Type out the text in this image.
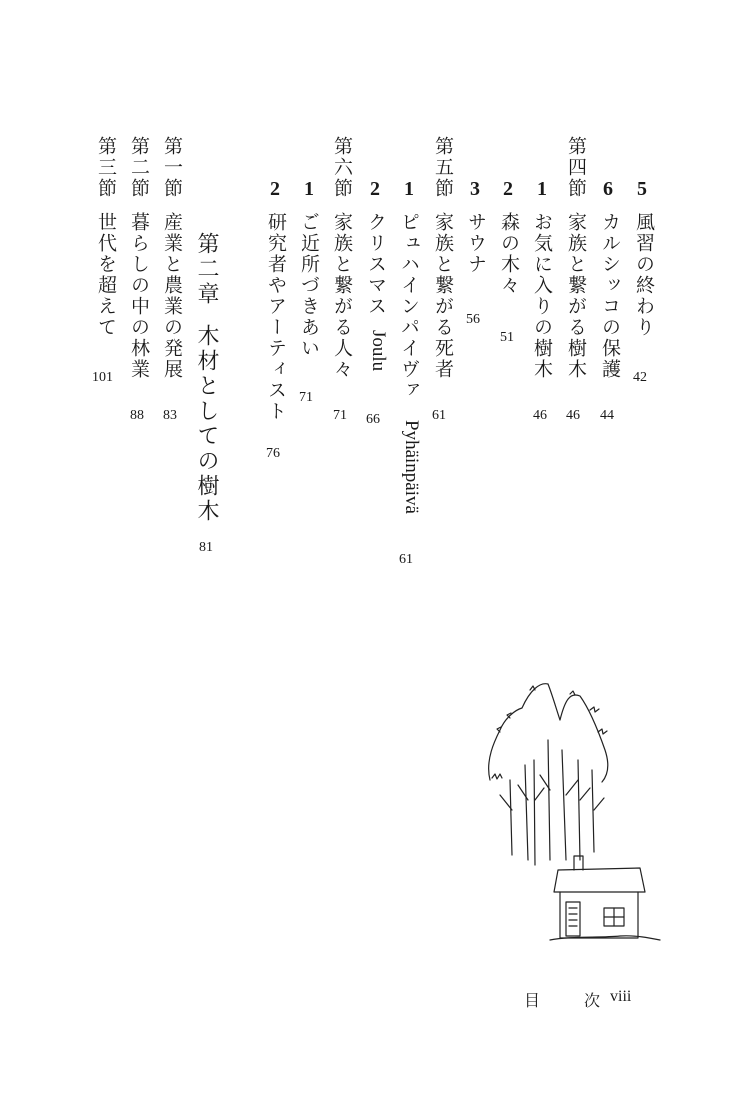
5
風習の終わり
42
6
カルシッコの保護
44
第四節
家族と繋がる樹木
46
1
お気に入りの樹木
46
2
森の木々
51
3
サウナ
56
第五節
家族と繋がる死者
61
1
ピュハインパイヴァ
Pyhäinpäivä
61
2
クリスマス
Joulu
66
第六節
家族と繋がる人々
71
1
ご近所づきあい
71
2
研究者やアーティスト
76
第二章
木材としての樹木
81
第一節
産業と農業の発展
83
第二節
暮らしの中の林業
88
第三節
世代を超えて
101
目	次 viii
